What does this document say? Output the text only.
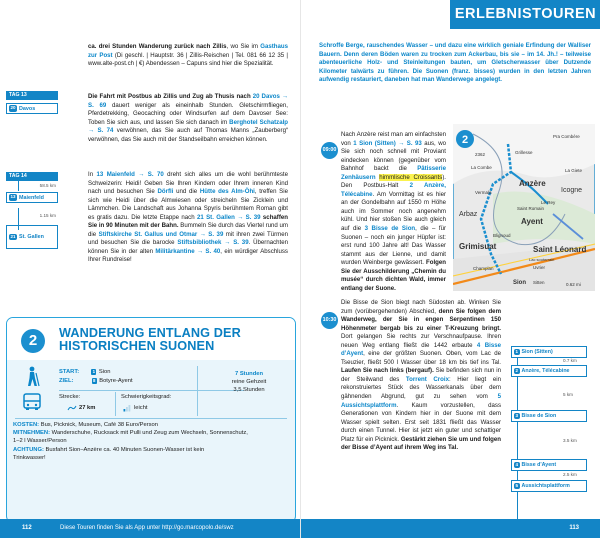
ca. drei Stunden Wanderung zurück nach Zillis, wo Sie im Gasthaus zur Post (Di geschl. | Hauptstr. 36 | Zillis-Reischen | Tel. 081 66 12 35 | www.alte-post.ch | €) Abendessen – Capuns sind hier die Spezialität.
Die Fahrt mit Postbus ab Zillis und Zug ab Thusis nach 20 Davos → S. 69 dauert weniger als eineinhalb Stunden. Gletschirmfliegen, Pferdetrekking, Geocaching oder Windsurfen auf dem Davoser See: Toben Sie sich aus, und lassen Sie sich danach im Berghotel Schatzalp → S. 74 verwöhnen, das Sie auch auf Thomas Manns „Zauberberg“ verwöhnen, das Sie auch mit der Standseilbahn erreichen können.
In 13 Maienfeld → S. 70 dreht sich alles um die wohl berühmteste Schweizerin: Heidi! Geben Sie Ihren Kindern oder Ihrem inneren Kind nach und besuchen Sie Dörfli und die Hütte des Alm-Öhi, treffen Sie sich wie Heidi über die Almwiesen oder streicheln Sie Zicklein und Lämmchen. Die Landschaft aus Johanna Spyris berühmtem Roman gibt es gratis dazu. Die letzte Etappe nach 21 St. Gallen → S. 39 schaffen Sie in 90 Minuten mit der Bahn. Bummeln Sie durch das Viertel rund um die Stiftskirche St. Gallus und Otmar → S. 39 mit ihren zwei Türmen und besuchen Sie die barocke Stiftsbibliothek → S. 39. Übernachten können Sie in der alten Militärkantine → S. 40, ein würdiger Abschluss Ihrer Rundreise!
TAG 13
20 Davos
TAG 14
58.5 km
13 Maienfeld
1.15 km
21 St. Gallen
2	WANDERUNG ENTLANG DER
HISTORISCHEN SUONEN
START:	1 Sion
ZIEL:	8 Botyre-Ayent
Strecke:
27 km
Schwierigkeitsgrad:
leicht
7 Stunden
reine Gehzeit
3,5 Stunden
KOSTEN: Bus, Picknick, Museum, Café 38 Euro/Person
MITNEHMEN: Wanderschuhe, Rucksack mit Pulli und Zeug zum Wechseln, Sonnenschutz, 1–2 l Wasser/Person
ACHTUNG: Busfahrt Sion–Anzère ca. 40 Minuten Suonen-Wasser ist kein Trinkwasser!
112	Diese Touren finden Sie als App unter http://go.marcopolo.de/swz
ERLEBNISTOUREN
Schroffe Berge, rauschendes Wasser – und dazu eine wirklich geniale Erfindung der Walliser Bauern. Denn deren Böden waren zu trocken zum Ackerbau, bis sie – im 14. Jh.! – teilweise abenteuerliche Holz- und Steinleitungen bauten, um Gletscherwasser über Dutzende Kilometer talwärts zu führen. Die Suonen (franz. bisses) wurden in den letzten Jahren aufwendig restauriert, daneben hat man Wanderwege angelegt.
09:00
Nach Anzère reist man am einfachsten von 1 Sion (Sitten) → S. 93 aus, wo Sie sich noch schnell mit Proviant eindecken können (gegenüber vom Bahnhof backt die Pâtisserie Zenhäusern himmlische Croissants). Den Postbus-Halt 2 Anzère, Télécabine. Am Vormittag ist es hier an der Gondelbahn auf 1550 m Höhe auch im Sommer noch angenehm kühl. Und hier stoßen Sie auch gleich auf die 3 Bisse de Sion, die – für Suonen – noch ein junger Hüpfer ist: erst rund 100 Jahre alt! Das Wasser stammt aus der Lienne, und damit wurden Weinberge gewässert. Folgen Sie der Ausschilderung „Chemin du musée“ durch dichten Wald, immer entlang der Suone.
10:30
Die Bisse de Sion biegt nach Südosten ab. Winken Sie zum (vorübergehenden) Abschied, denn Sie folgen dem Wanderweg, der Sie in engen Serpentinen 150 Höhenmeter bergab bis zu einer T-Kreuzung bringt. Dort gelangen Sie rechts zur Verschnaufpause. Ihren neuen Weg entlang fließt die 1442 erbaute 4 Bisse d’Ayent, eine der größten Suonen. Oben, vom Lac de Tseuzier, fließt 500 l Wasser über 18 km bis tief ins Tal. Laufen Sie nach links (bergauf). Sie befinden sich nun in der Steilwand des Torrent Croix: Hier liegt ein rekonstruiertes Stück des Wasserkanals über dem gähnenden Abgrund, gut zu sehen vom 5 Aussichtsplattform. Kaum vorzustellen, dass Generationen von Kindern hier in der Suone mit dem Wasser spielt selten. Erst seit 1831 fließt das Wasser durch einen Tunnel. Hier ist jetzt ein guter und schattiger Platz für ein Picknick. Gestärkt ziehen Sie um und folgen der Bisse d’Ayent auf ihrem Weg ins Tal.
2	Pra Combère
2362	Grillesse
La Combe
Anzère
La Giete
Icogne
Le Rey
Saint Romain
Arbaz
Ayent
Vermala
Blignoud
Saint Léonard
Grimisuat
Champlan	Uvrier
Lac souterrain
Sion Sitten	0.62 mi
1 Sion (Sitten)
0.7 km
2 Anzère, Télécabine
5 km
3 Bisse de Sion
3.5 km
4 Bisse d'Ayent
2.5 km
5 Aussichtsplattform
113
